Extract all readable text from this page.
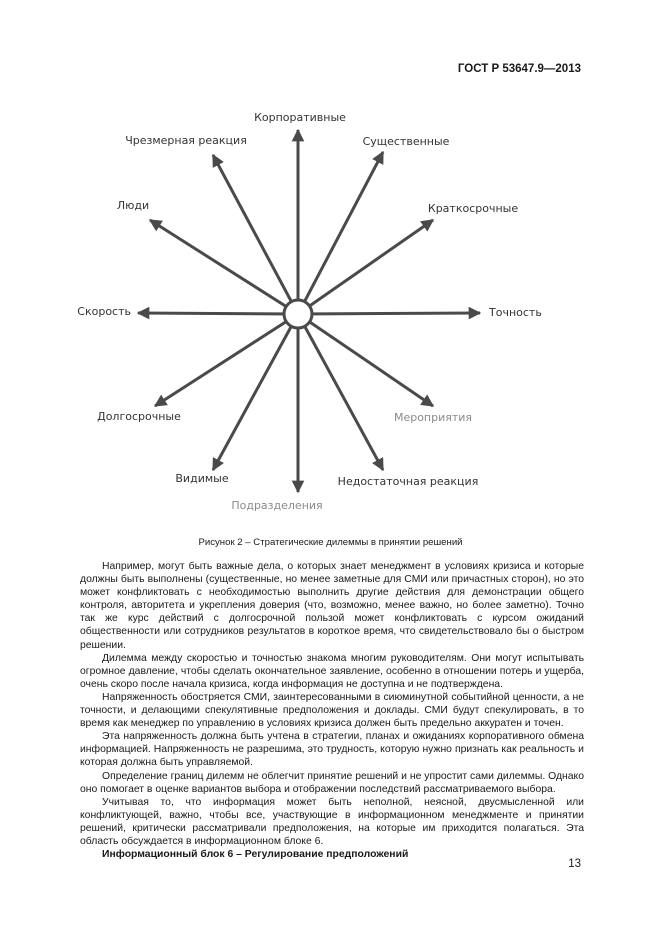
ГОСТ Р 53647.9—2013
Корпоративные
Существенные
Краткосрочные
Точность
Мероприятия
Недостаточная реакция
Подразделения
Видимые
Долгосрочные
Скорость
Люди
Чрезмерная реакция
Рисунок 2 – Стратегические дилеммы в принятии решений

Например, могут быть важные дела, о которых знает менеджмент в условиях кризиса и которые должны быть выполнены (существенные, но менее заметные для СМИ или причастных сторон), но это может конфликтовать с необходимостью выполнить другие действия для демонстрации общего контроля, авторитета и укрепления доверия (что, возможно, менее важно, но более заметно). Точно так же курс действий с долгосрочной пользой может конфликтовать с курсом ожиданий общественности или сотрудников результатов в короткое время, что свидетельствовало бы о быстром решении.

Дилемма между скоростью и точностью знакома многим руководителям. Они могут испытывать огромное давление, чтобы сделать окончательное заявление, особенно в отношении потерь и ущерба, очень скоро после начала кризиса, когда информация не доступна и не подтверждена.

Напряженность обостряется СМИ, заинтересованными в сиюминутной событийной ценности, а не точности, и делающими спекулятивные предположения и доклады. СМИ будут спекулировать, в то время как менеджер по управлению в условиях кризиса должен быть предельно аккуратен и точен.

Эта напряженность должна быть учтена в стратегии, планах и ожиданиях корпоративного обмена информацией. Напряженность не разрешима, это трудность, которую нужно признать как реальность и которая должна быть управляемой.

Определение границ дилемм не облегчит принятие решений и не упростит сами дилеммы. Однако оно помогает в оценке вариантов выбора и отображении последствий рассматриваемого выбора.

Учитывая то, что информация может быть неполной, неясной, двусмысленной или конфликтующей, важно, чтобы все, участвующие в информационном менеджменте и принятии решений, критически рассматривали предположения, на которые им приходится полагаться. Эта область обсуждается в информационном блоке 6.

Информационный блок 6 – Регулирование предположений

13
